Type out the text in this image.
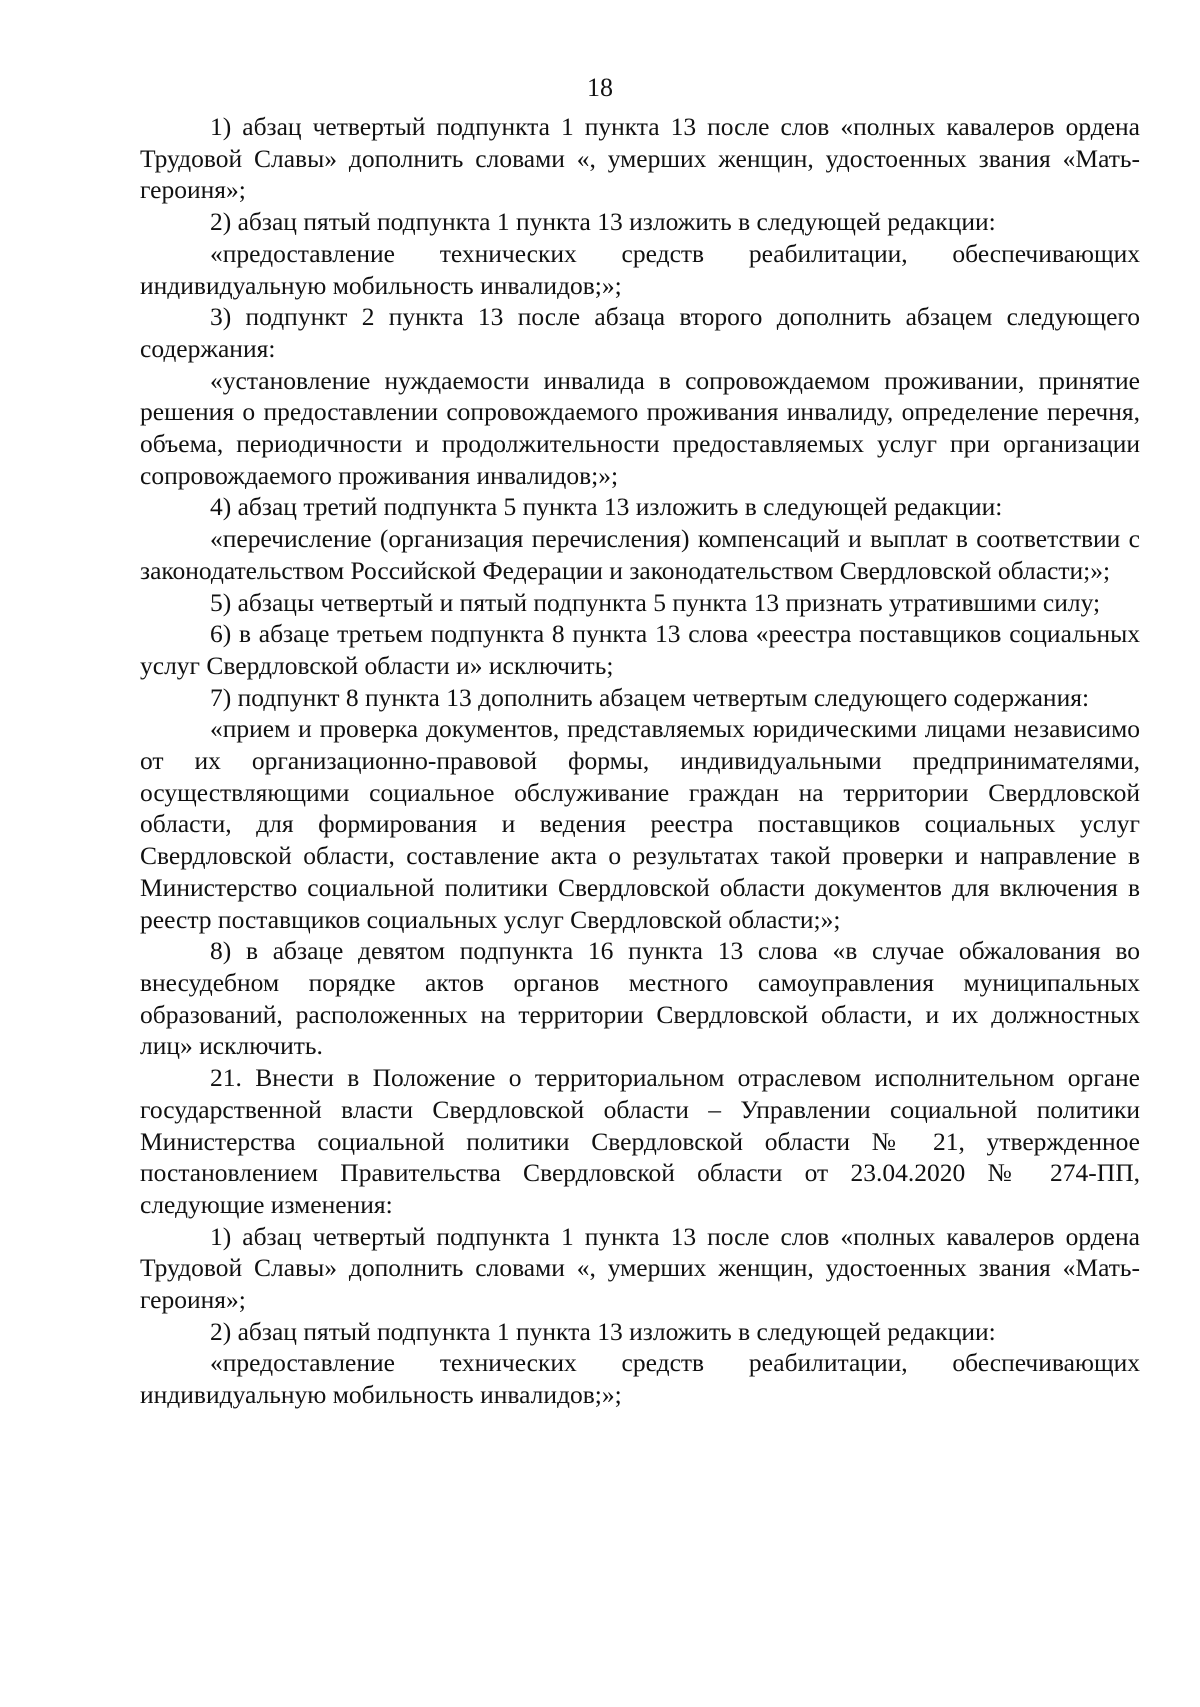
18

1) абзац четвертый подпункта 1 пункта 13 после слов «полных кавалеров ордена Трудовой Славы» дополнить словами «, умерших женщин, удостоенных звания «Мать-героиня»;

2) абзац пятый подпункта 1 пункта 13 изложить в следующей редакции:

«предоставление технических средств реабилитации, обеспечивающих индивидуальную мобильность инвалидов;»;

3) подпункт 2 пункта 13 после абзаца второго дополнить абзацем следующего содержания:

«установление нуждаемости инвалида в сопровождаемом проживании, принятие решения о предоставлении сопровождаемого проживания инвалиду, определение перечня, объема, периодичности и продолжительности предоставляемых услуг при организации сопровождаемого проживания инвалидов;»;

4) абзац третий подпункта 5 пункта 13 изложить в следующей редакции:

«перечисление (организация перечисления) компенсаций и выплат в соответствии с законодательством Российской Федерации и законодательством Свердловской области;»;

5) абзацы четвертый и пятый подпункта 5 пункта 13 признать утратившими силу;

6) в абзаце третьем подпункта 8 пункта 13 слова «реестра поставщиков социальных услуг Свердловской области и» исключить;

7) подпункт 8 пункта 13 дополнить абзацем четвертым следующего содержания:

«прием и проверка документов, представляемых юридическими лицами независимо от их организационно-правовой формы, индивидуальными предпринимателями, осуществляющими социальное обслуживание граждан на территории Свердловской области, для формирования и ведения реестра поставщиков социальных услуг Свердловской области, составление акта о результатах такой проверки и направление в Министерство социальной политики Свердловской области документов для включения в реестр поставщиков социальных услуг Свердловской области;»;

8) в абзаце девятом подпункта 16 пункта 13 слова «в случае обжалования во внесудебном порядке актов органов местного самоуправления муниципальных образований, расположенных на территории Свердловской области, и их должностных лиц» исключить.

21. Внести в Положение о территориальном отраслевом исполнительном органе государственной власти Свердловской области – Управлении социальной политики Министерства социальной политики Свердловской области № 21, утвержденное постановлением Правительства Свердловской области от 23.04.2020 № 274-ПП, следующие изменения:

1) абзац четвертый подпункта 1 пункта 13 после слов «полных кавалеров ордена Трудовой Славы» дополнить словами «, умерших женщин, удостоенных звания «Мать-героиня»;

2) абзац пятый подпункта 1 пункта 13 изложить в следующей редакции:

«предоставление технических средств реабилитации, обеспечивающих индивидуальную мобильность инвалидов;»;
